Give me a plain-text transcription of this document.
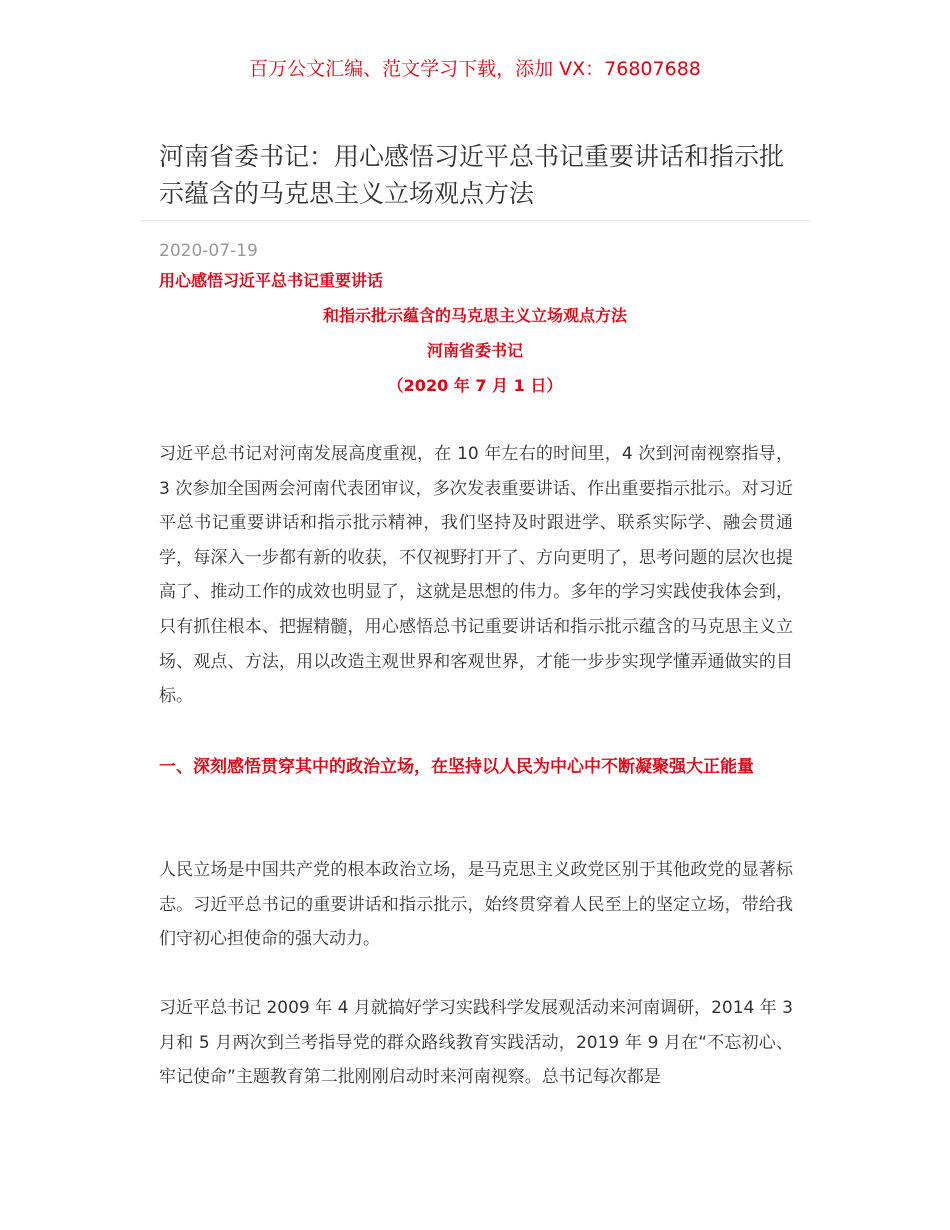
百万公文汇编、范文学习下载，添加 VX：76807688
河南省委书记：用心感悟习近平总书记重要讲话和指示批示蕴含的马克思主义立场观点方法
2020-07-19
用心感悟习近平总书记重要讲话
和指示批示蕴含的马克思主义立场观点方法
河南省委书记
（2020 年 7 月 1 日）

习近平总书记对河南发展高度重视，在 10 年左右的时间里，4 次到河南视察指导，3 次参加全国两会河南代表团审议，多次发表重要讲话、作出重要指示批示。对习近平总书记重要讲话和指示批示精神，我们坚持及时跟进学、联系实际学、融会贯通学，每深入一步都有新的收获，不仅视野打开了、方向更明了，思考问题的层次也提高了、推动工作的成效也明显了，这就是思想的伟力。多年的学习实践使我体会到，只有抓住根本、把握精髓，用心感悟总书记重要讲话和指示批示蕴含的马克思主义立场、观点、方法，用以改造主观世界和客观世界，才能一步步实现学懂弄通做实的目标。

一、深刻感悟贯穿其中的政治立场，在坚持以人民为中心中不断凝聚强大正能量

人民立场是中国共产党的根本政治立场，是马克思主义政党区别于其他政党的显著标志。习近平总书记的重要讲话和指示批示，始终贯穿着人民至上的坚定立场，带给我们守初心担使命的强大动力。

习近平总书记 2009 年 4 月就搞好学习实践科学发展观活动来河南调研，2014 年 3 月和 5 月两次到兰考指导党的群众路线教育实践活动，2019 年 9 月在“不忘初心、牢记使命”主题教育第二批刚刚启动时来河南视察。总书记每次都是
